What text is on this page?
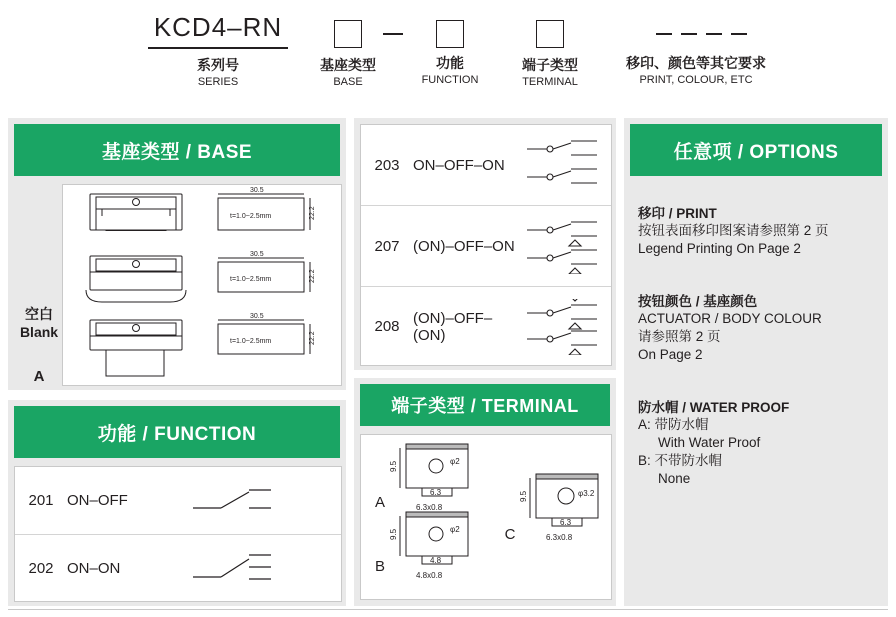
KCD4–RN
系列号
SERIES
基座类型
BASE
功能
FUNCTION
端子类型
TERMINAL
移印、颜色等其它要求
PRINT, COLOUR, ETC
基座类型 / BASE
空白
Blank
A
30.5
t=1.0~2.5mm	22.2
30.5
t=1.0~2.5mm	22.2
30.5
t=1.0~2.5mm	22.2
功能 / FUNCTION
201 ON–OFF
202 ON–ON
203 ON–OFF–ON
207 (ON)–OFF–ON
208 (ON)–OFF–(ON)
端子类型 / TERMINAL
A
B
C
9.5	φ2
6.3
6.3x0.8
9.5	φ2
4.8
4.8x0.8
9.5	φ3.2
6.3
6.3x0.8
任意项 / OPTIONS
移印 / PRINT
按钮表面移印图案请参照第 2 页
Legend Printing On Page 2
按钮颜色 / 基座颜色
ACTUATOR / BODY COLOUR
请参照第 2 页
On Page 2
防水帽 / WATER PROOF
A: 带防水帽
With Water Proof
B: 不带防水帽
None
